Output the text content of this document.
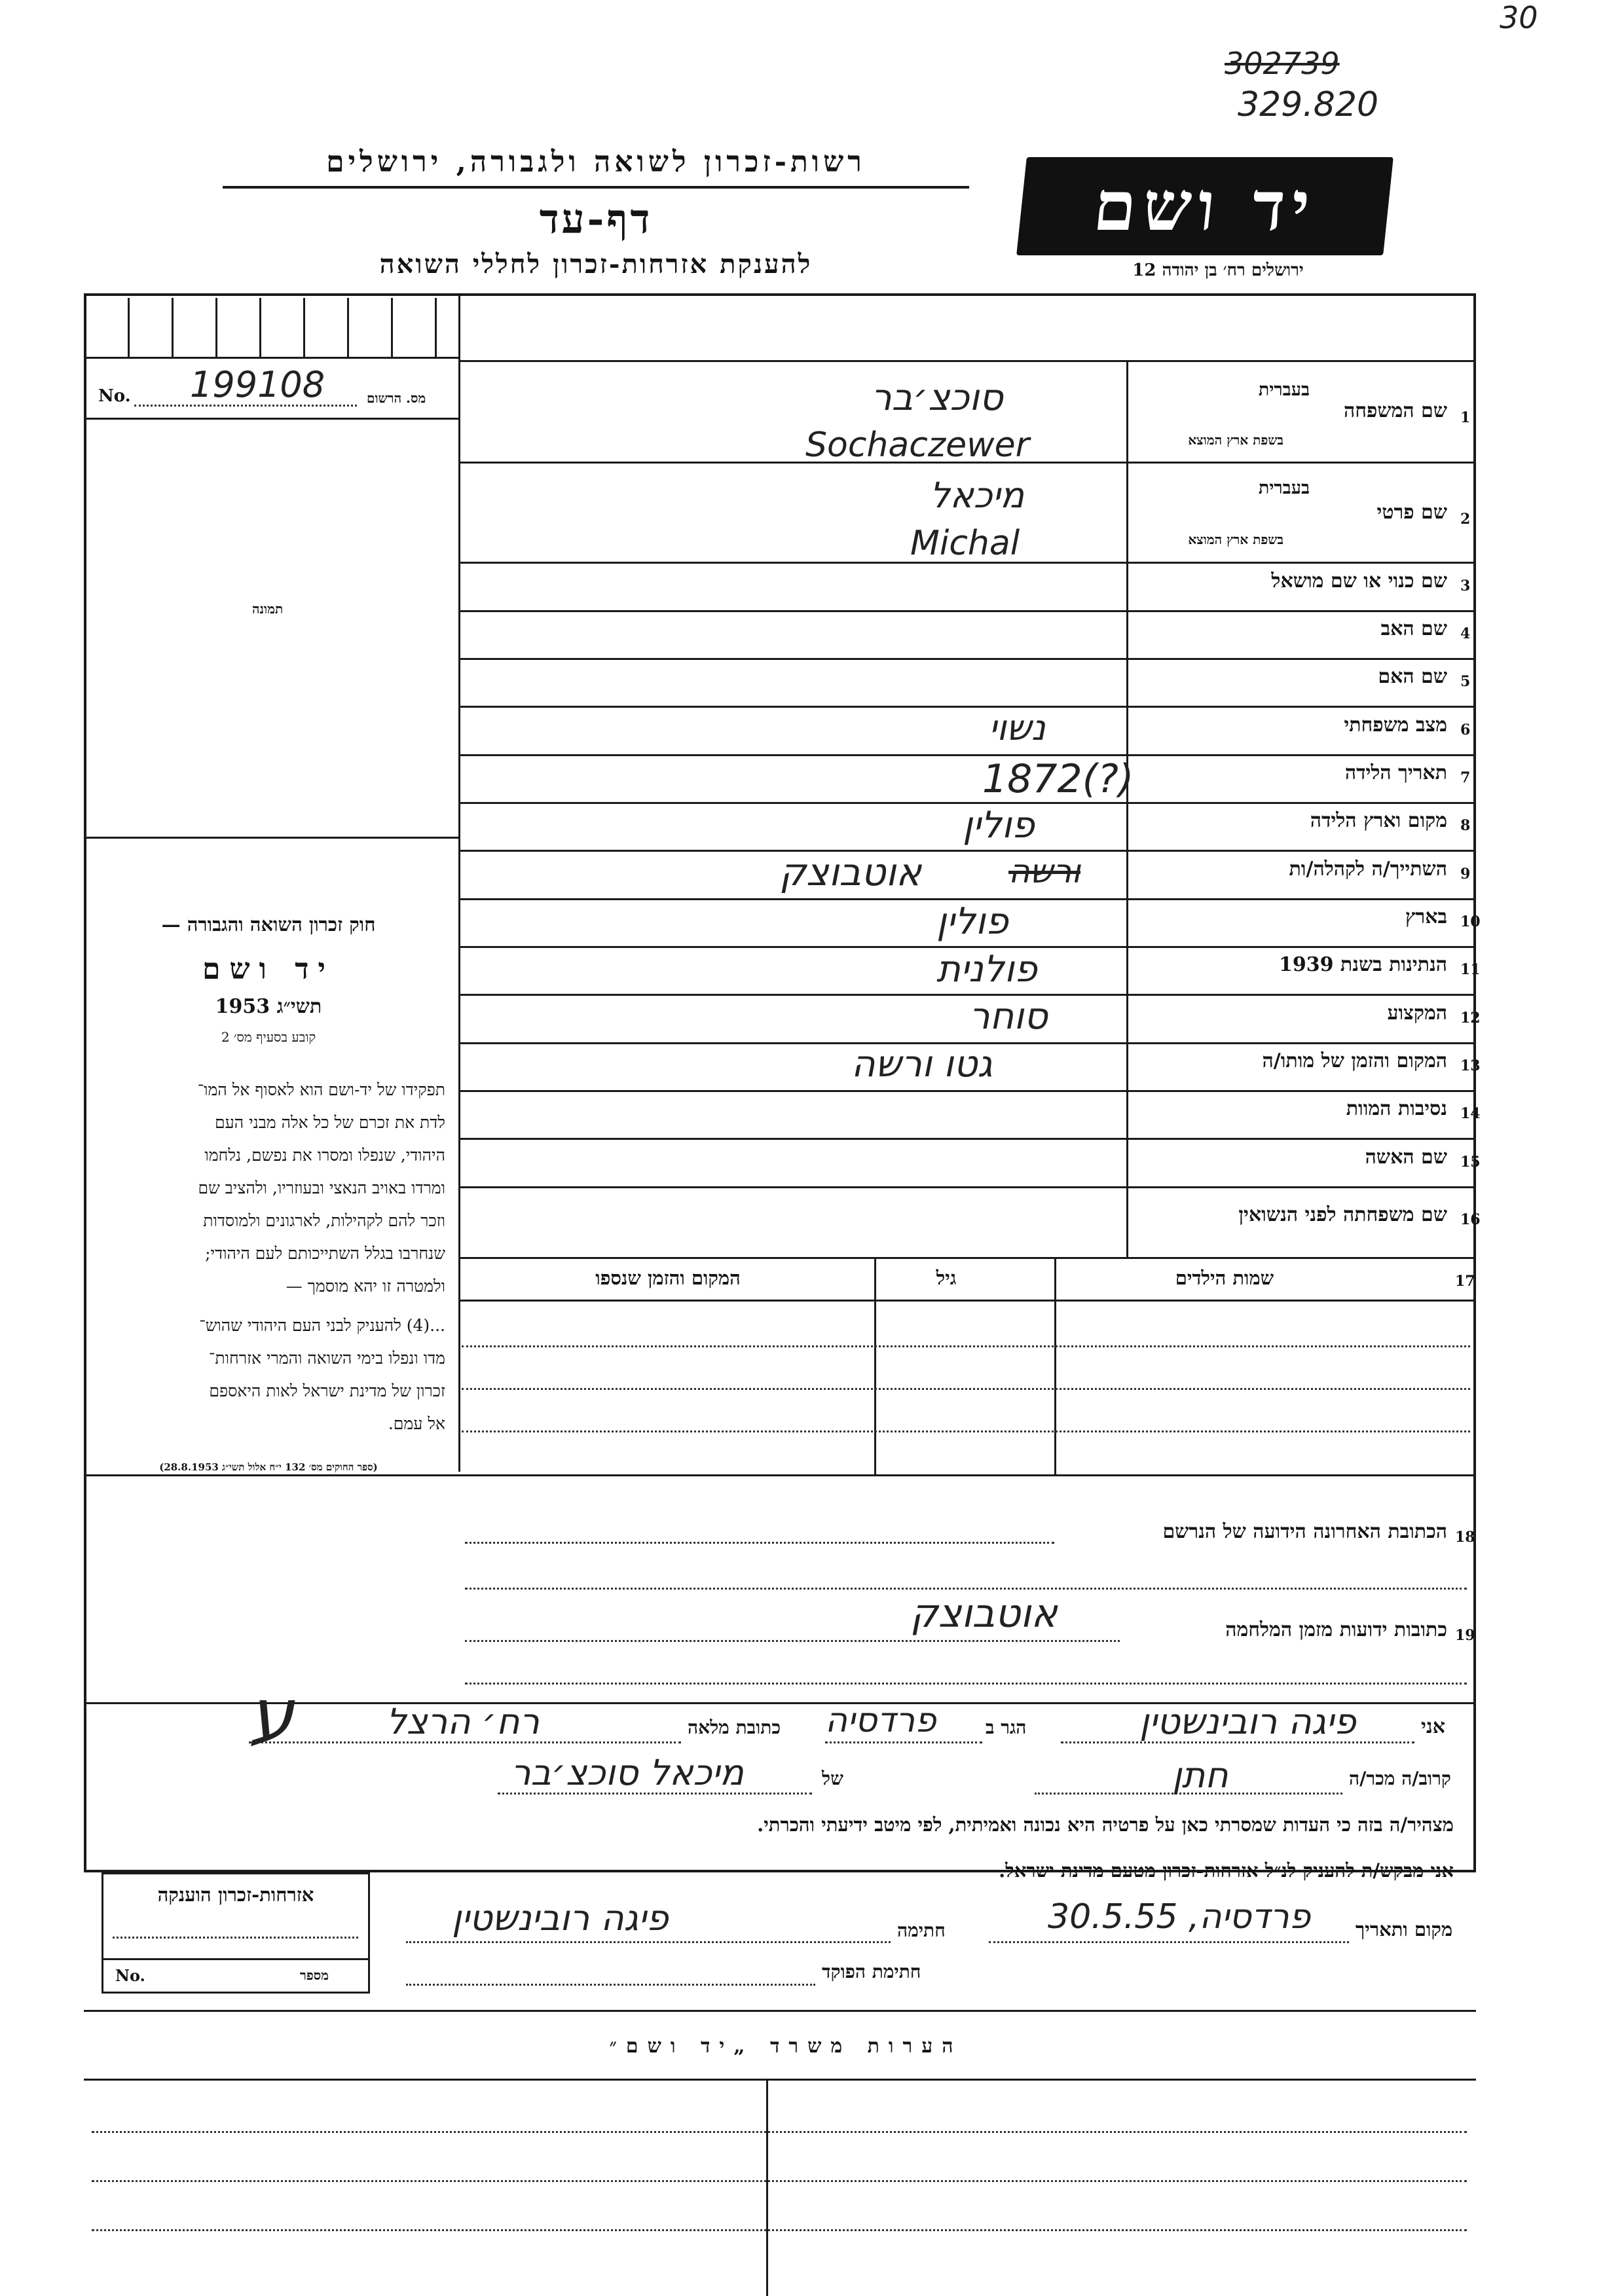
30
302739
329.820
רשות-זכרון לשואה ולגבורה, ירושלים
דף-עד
להענקת אזרחות-זכרון לחללי השואה
יד ושם
ירושלים רח׳ בן יהודה 12
No. 199108	מס. הרשום
תמונה
חוק זכרון השואה והגבורה —
יד ושם
תשי״ג 1953
קובע בסעיף מס׳ 2
תפקידו של יד-ושם הוא לאסוף אל המו־
לדת את זכרם של כל אלה מבני העם
היהודי, שנפלו ומסרו את נפשם, נלחמו
ומרדו באויב הנאצי ובעוזריו, ולהציב שם
וזכר להם לקהילות, לארגונים ולמוסדות
שנחרבו בגלל השתייכותם לעם היהודי;
ולמטרה זו יהא מוסמך —
...(4) להעניק לבני העם היהודי שהוש־
מדו ונפלו בימי השואה והמרי אזרחות־
זכרון של מדינת ישראל לאות היאספם
אל עמם.
(ספר החוקים מס׳ 132 י״ח אלול תשי״ג 28.8.1953)
1
שם המשפחה
בעברית
בשפת ארץ המוצא
סוכצ׳בר
Sochaczewer
2
שם פרטי
בעברית
בשפת ארץ המוצא
מיכאל
Michal
3
שם כנוי או שם מושאל
4
שם האב
5
שם האם
6
מצב משפחתי
נשוי
7
תאריך הלידה
1872(?)
8
מקום וארץ הלידה
פולין
9
השתייך/ה לקהלה/ות
אוטבוצק	ורשה
10
בארץ
פולין
11
הנתינות בשנת 1939
פולנית
12
המקצוע
סוחר
13
המקום והזמן של מותו/ה
גטו ורשה
14
נסיבות המוות
15
שם האשה
16
שם משפחתה לפני הנשואין
17
שמות הילדים
גיל
המקום והזמן שנספו
18
הכתובת האחרונה הידועה של הנרשם
19
כתובות ידועות מזמן המלחמה
אוטבוצק
אני
פיגה רובינשטין
הגר ב
פרדסיה
כתובת מלאה
רח׳ הרצל
ע
קרוב/ה מכר/ה
חתן
של
מיכאל סוכצ׳בר
מצהיר/ה בזה כי העדות שמסרתי כאן על פרטיה היא נכונה ואמיתית, לפי מיטב ידיעתי והכרתי.
אני מבקש/ת להעניק לנ״ל אזרחות-זכרון מטעם מדינת ישראל.
מקום ותאריך
פרדסיה, 30.5.55
חתימה
פיגה רובינשטין
חתימת הפוקד
אזרחות-זכרון הוענקה
No.	מספר
הערות משרד „יד ושם״
